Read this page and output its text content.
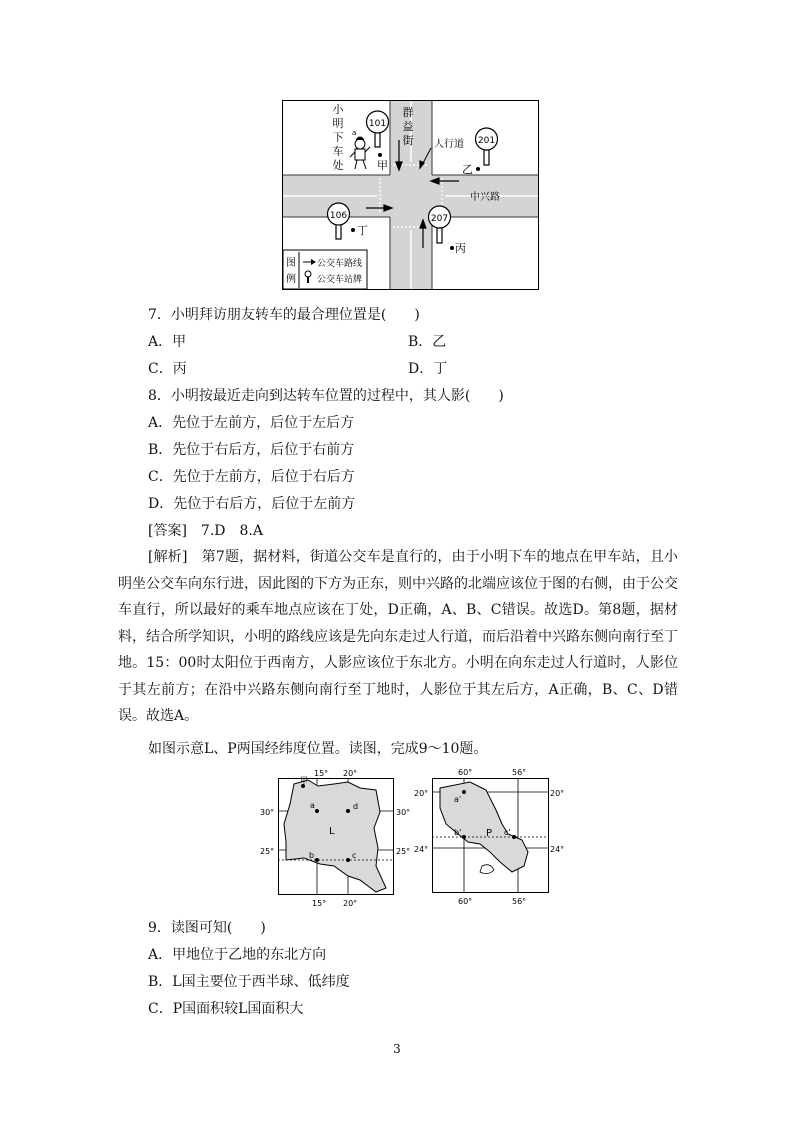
101
201
106	207
甲	乙
丁
丙
a
小
明
下
车
处
群
益
街 人行道
中兴路
图
例
公交车路线
公交车站牌
7．小明拜访朋友转车的最合理位置是(　　)
A．甲	B．乙
C．丙	D．丁
8．小明按最近走向到达转车位置的过程中，其人影(　　)
A．先位于左前方，后位于左后方
B．先位于右后方，后位于右前方
C．先位于左前方，后位于右后方
D．先位于右后方，后位于左前方
[答案]　7.D　8.A
[解析]　第7题，据材料，街道公交车是直行的，由于小明下车的地点在甲车站，且小明坐公交车向东行进，因此图的下方为正东，则中兴路的北端应该位于图的右侧，由于公交车直行，所以最好的乘车地点应该在丁处，D正确，A、B、C错误。故选D。第8题，据材料，结合所学知识，小明的路线应该是先向东走过人行道，而后沿着中兴路东侧向南行至丁地。15：00时太阳位于西南方，人影应该位于东北方。小明在向东走过人行道时，人影位于其左前方；在沿中兴路东侧向南行至丁地时，人影位于其左后方，A正确，B、C、D错误。故选A。
如图示意L、P两国经纬度位置。读图，完成9～10题。
甲
a	d
b	c
L
15° 20°
15° 20°
30°
25°
30°
25°
a'
b'	c'
P
60°	56°
60°	56°
20°
24°
20°
24°
9．读图可知(　　)
A．甲地位于乙地的东北方向
B．L国主要位于西半球、低纬度
C．P国面积较L国面积大
3
